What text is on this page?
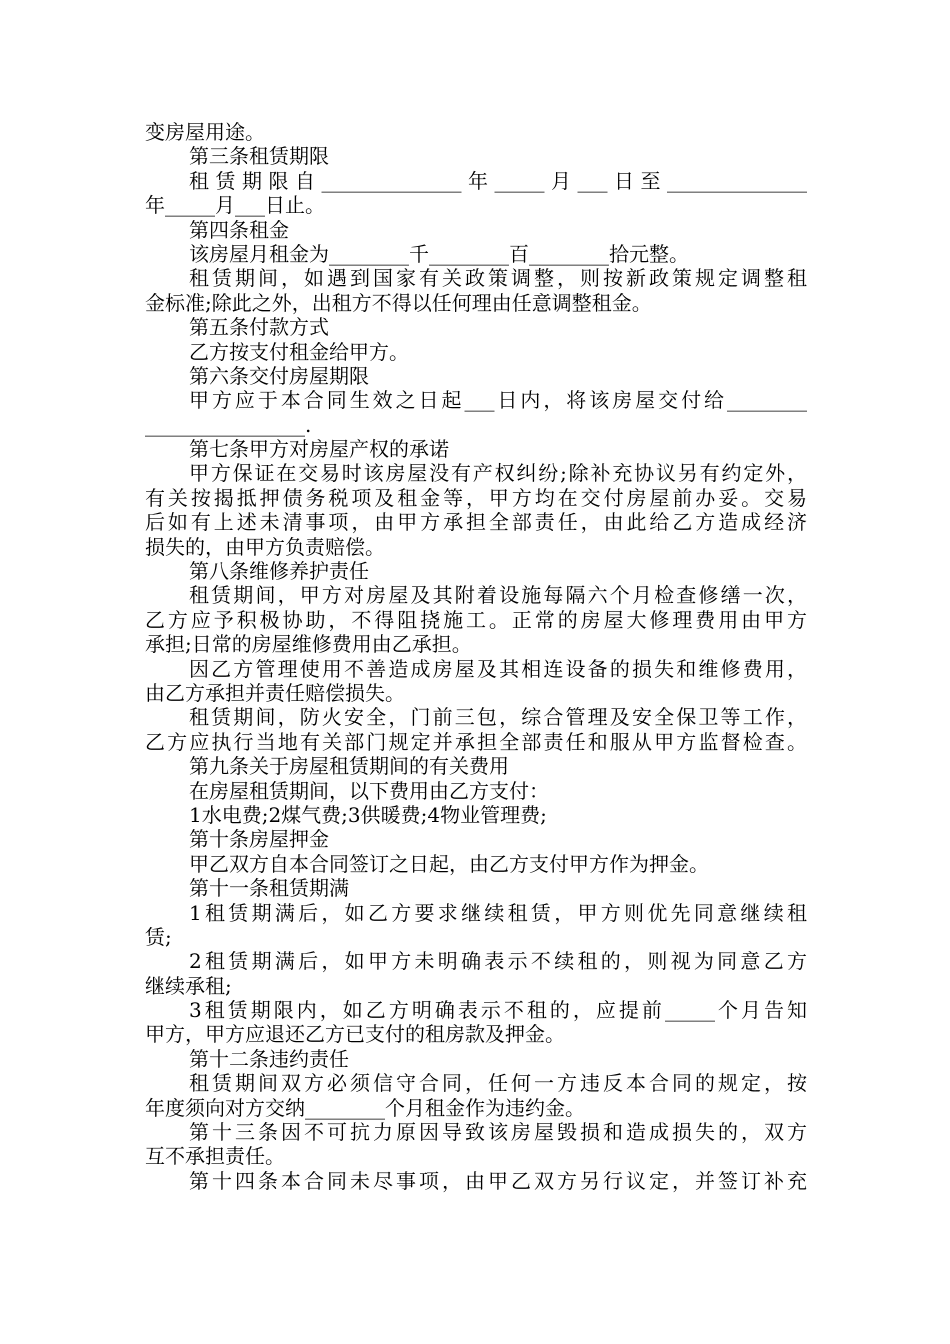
变房屋用途。
第三条租赁期限
租赁期限自______________年_____月___日至______________
年_____月___日止。
第四条租金
该房屋月租金为________千________百________拾元整。
租赁期间，如遇到国家有关政策调整，则按新政策规定调整租
金标准;除此之外，出租方不得以任何理由任意调整租金。
第五条付款方式
乙方按支付租金给甲方。
第六条交付房屋期限
甲方应于本合同生效之日起___日内，将该房屋交付给________
________________.
第七条甲方对房屋产权的承诺
甲方保证在交易时该房屋没有产权纠纷;除补充协议另有约定外，
有关按揭抵押债务税项及租金等，甲方均在交付房屋前办妥。交易
后如有上述未清事项，由甲方承担全部责任，由此给乙方造成经济
损失的，由甲方负责赔偿。
第八条维修养护责任
租赁期间，甲方对房屋及其附着设施每隔六个月检查修缮一次，
乙方应予积极协助，不得阻挠施工。正常的房屋大修理费用由甲方
承担;日常的房屋维修费用由乙承担。
因乙方管理使用不善造成房屋及其相连设备的损失和维修费用，
由乙方承担并责任赔偿损失。
租赁期间，防火安全，门前三包，综合管理及安全保卫等工作，
乙方应执行当地有关部门规定并承担全部责任和服从甲方监督检查。
第九条关于房屋租赁期间的有关费用
在房屋租赁期间，以下费用由乙方支付：
1水电费;2煤气费;3供暖费;4物业管理费;
第十条房屋押金
甲乙双方自本合同签订之日起，由乙方支付甲方作为押金。
第十一条租赁期满
1租赁期满后，如乙方要求继续租赁，甲方则优先同意继续租
赁;
2租赁期满后，如甲方未明确表示不续租的，则视为同意乙方
继续承租;
3租赁期限内，如乙方明确表示不租的，应提前_____个月告知
甲方，甲方应退还乙方已支付的租房款及押金。
第十二条违约责任
租赁期间双方必须信守合同，任何一方违反本合同的规定，按
年度须向对方交纳________个月租金作为违约金。
第十三条因不可抗力原因导致该房屋毁损和造成损失的，双方
互不承担责任。
第十四条本合同未尽事项，由甲乙双方另行议定，并签订补充
